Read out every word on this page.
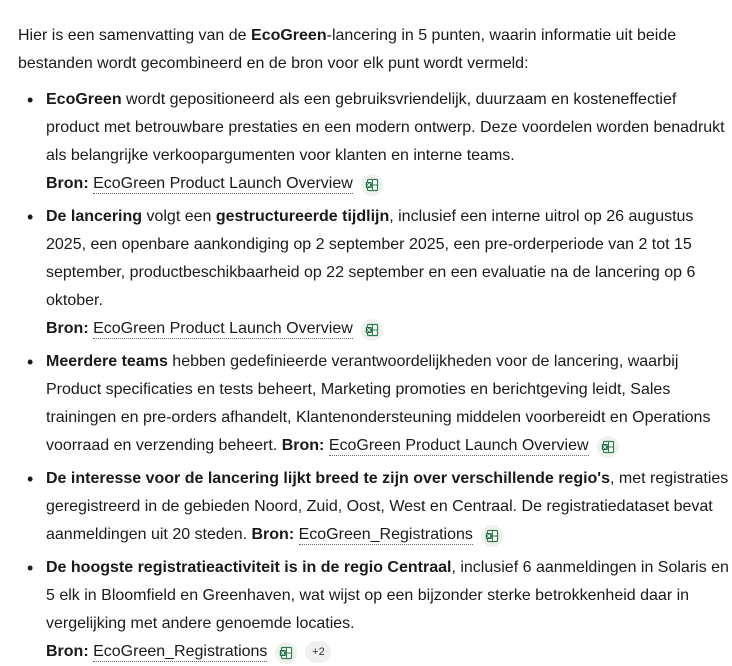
Hier is een samenvatting van de EcoGreen-lancering in 5 punten, waarin informatie uit beide bestanden wordt gecombineerd en de bron voor elk punt wordt vermeld:

• EcoGreen wordt gepositioneerd als een gebruiksvriendelijk, duurzaam en kosteneffectief product met betrouwbare prestaties en een modern ontwerp. Deze voordelen worden benadrukt als belangrijke verkoopargumenten voor klanten en interne teams.
Bron: EcoGreen Product Launch Overview
• De lancering volgt een gestructureerde tijdlijn, inclusief een interne uitrol op 26 augustus 2025, een openbare aankondiging op 2 september 2025, een pre-orderperiode van 2 tot 15 september, productbeschikbaarheid op 22 september en een evaluatie na de lancering op 6 oktober.
Bron: EcoGreen Product Launch Overview
• Meerdere teams hebben gedefinieerde verantwoordelijkheden voor de lancering, waarbij Product specificaties en tests beheert, Marketing promoties en berichtgeving leidt, Sales trainingen en pre-orders afhandelt, Klantenondersteuning middelen voorbereidt en Operations voorraad en verzending beheert. Bron: EcoGreen Product Launch Overview
• De interesse voor de lancering lijkt breed te zijn over verschillende regio's, met registraties geregistreerd in de gebieden Noord, Zuid, Oost, West en Centraal. De registratiedataset bevat aanmeldingen uit 20 steden. Bron: EcoGreen_Registrations
• De hoogste registratieactiviteit is in de regio Centraal, inclusief 6 aanmeldingen in Solaris en 5 elk in Bloomfield en Greenhaven, wat wijst op een bijzonder sterke betrokkenheid daar in vergelijking met andere genoemde locaties.
Bron: EcoGreen_Registrations	+2
